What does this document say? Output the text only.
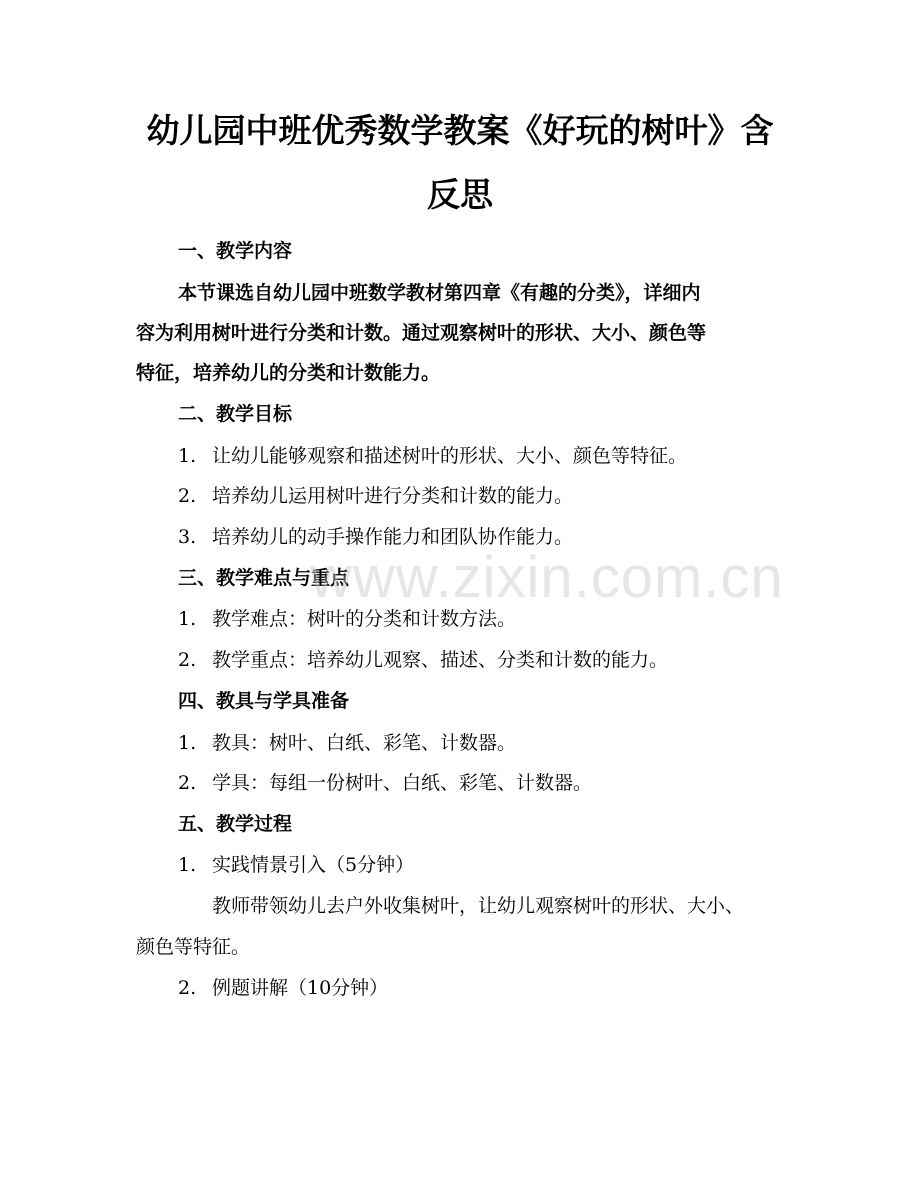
幼儿园中班优秀数学教案《好玩的树叶》含
反思
一、教学内容
本节课选自幼儿园中班数学教材第四章《有趣的分类》，详细内
容为利用树叶进行分类和计数。通过观察树叶的形状、大小、颜色等
特征，培养幼儿的分类和计数能力。
二、教学目标
1. 让幼儿能够观察和描述树叶的形状、大小、颜色等特征。
2. 培养幼儿运用树叶进行分类和计数的能力。
3. 培养幼儿的动手操作能力和团队协作能力。
三、教学难点与重点
1. 教学难点：树叶的分类和计数方法。
2. 教学重点：培养幼儿观察、描述、分类和计数的能力。
四、教具与学具准备
1. 教具：树叶、白纸、彩笔、计数器。
2. 学具：每组一份树叶、白纸、彩笔、计数器。
五、教学过程
1. 实践情景引入（5分钟）
教师带领幼儿去户外收集树叶，让幼儿观察树叶的形状、大小、
颜色等特征。
2. 例题讲解（10分钟）
www.zixin.com.cn
